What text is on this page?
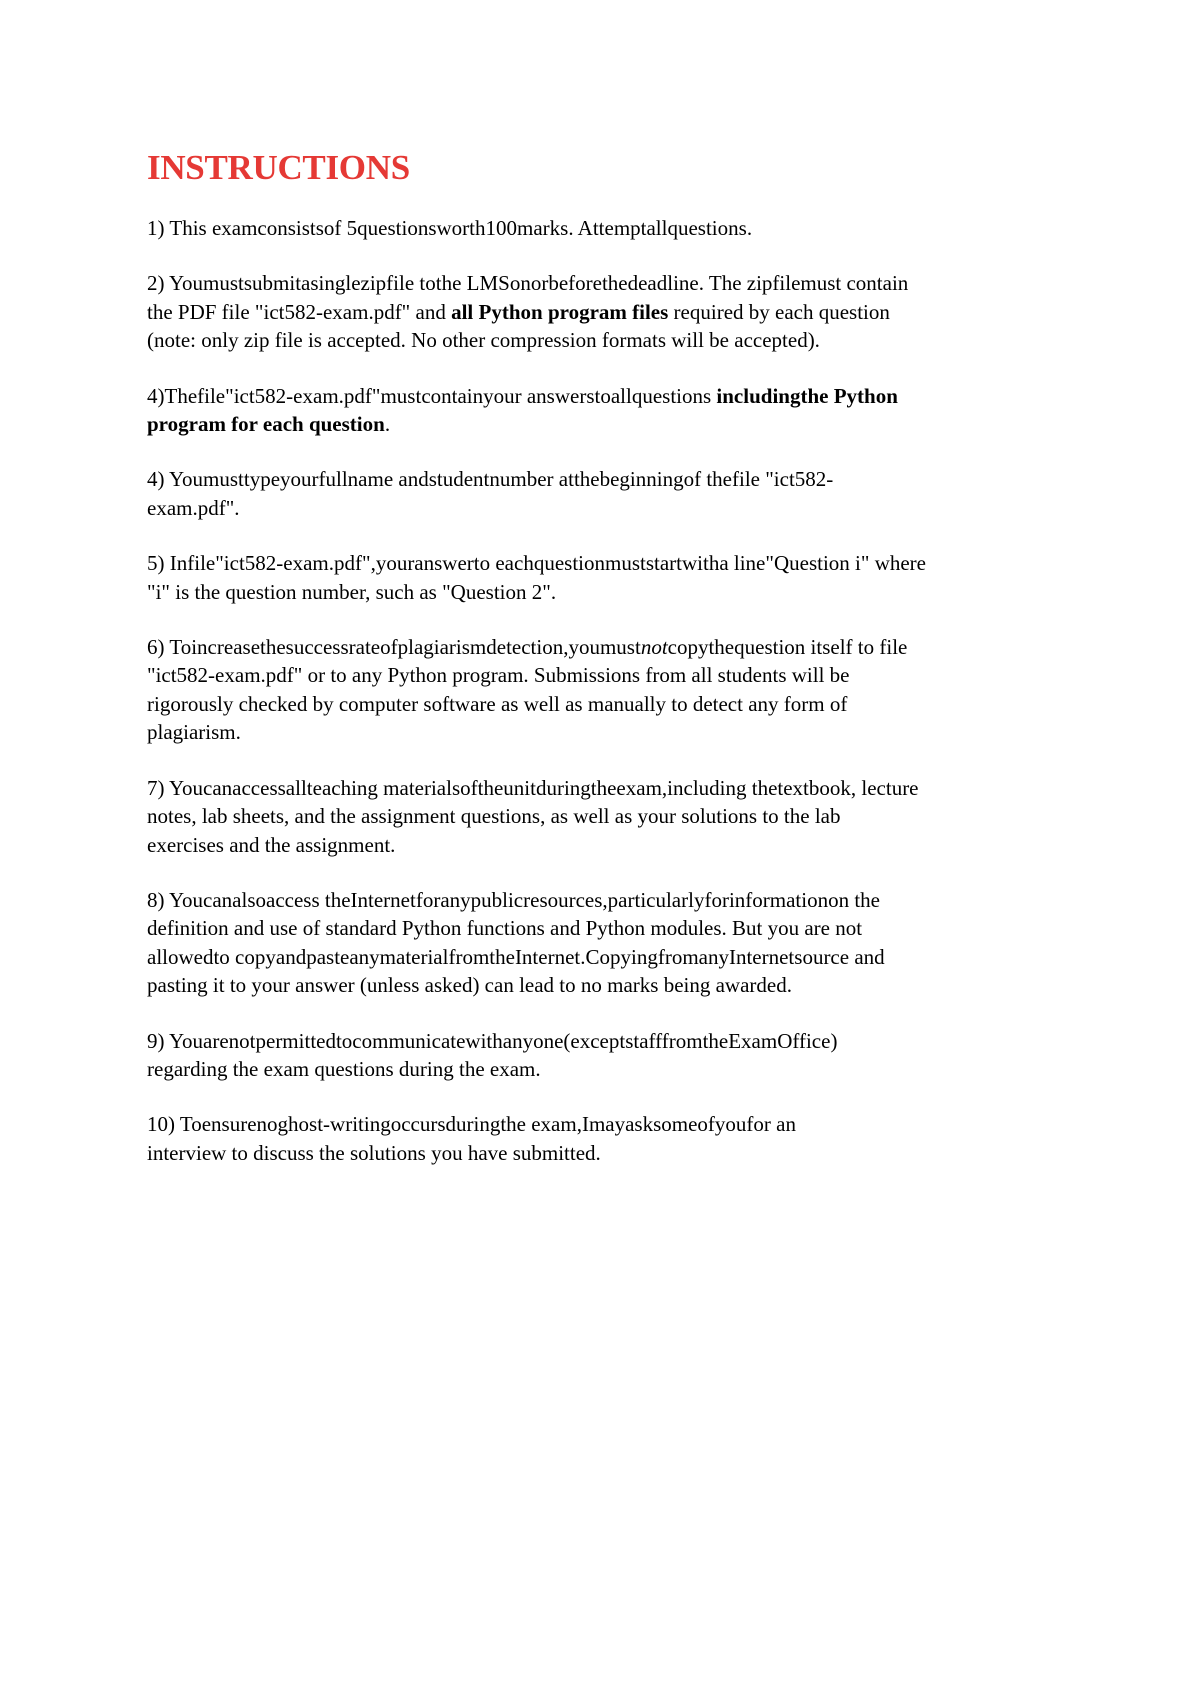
INSTRUCTIONS
1) This examconsistsof 5questionsworth100marks. Attemptallquestions.
2) Youmustsubmitasinglezipfile tothe LMSonorbeforethedeadline. The zipfilemust contain
the PDF file "ict582-exam.pdf" and all Python program files required by each question
(note: only zip file is accepted. No other compression formats will be accepted).
4)Thefile"ict582-exam.pdf"mustcontainyour answerstoallquestions includingthe Python
program for each question.
4) Youmusttypeyourfullname andstudentnumber atthebeginningof thefile "ict582-
exam.pdf".
5) Infile"ict582-exam.pdf",youranswerto eachquestionmuststartwitha line"Question i" where
"i" is the question number, such as "Question 2".
6) Toincreasethesuccessrateofplagiarismdetection,youmustnotcopythequestion itself to file
"ict582-exam.pdf" or to any Python program. Submissions from all students will be
rigorously checked by computer software as well as manually to detect any form of
plagiarism.
7) Youcanaccessallteaching materialsoftheunitduringtheexam,including thetextbook, lecture
notes, lab sheets, and the assignment questions, as well as your solutions to the lab
exercises and the assignment.
8) Youcanalsoaccess theInternetforanypublicresources,particularlyforinformationon the
definition and use of standard Python functions and Python modules. But you are not
allowedto copyandpasteanymaterialfromtheInternet.CopyingfromanyInternetsource and
pasting it to your answer (unless asked) can lead to no marks being awarded.
9) Youarenotpermittedtocommunicatewithanyone(exceptstafffromtheExamOffice)
regarding the exam questions during the exam.
10) Toensurenoghost-writingoccursduringthe exam,Imayasksomeofyoufor an
interview to discuss the solutions you have submitted.
